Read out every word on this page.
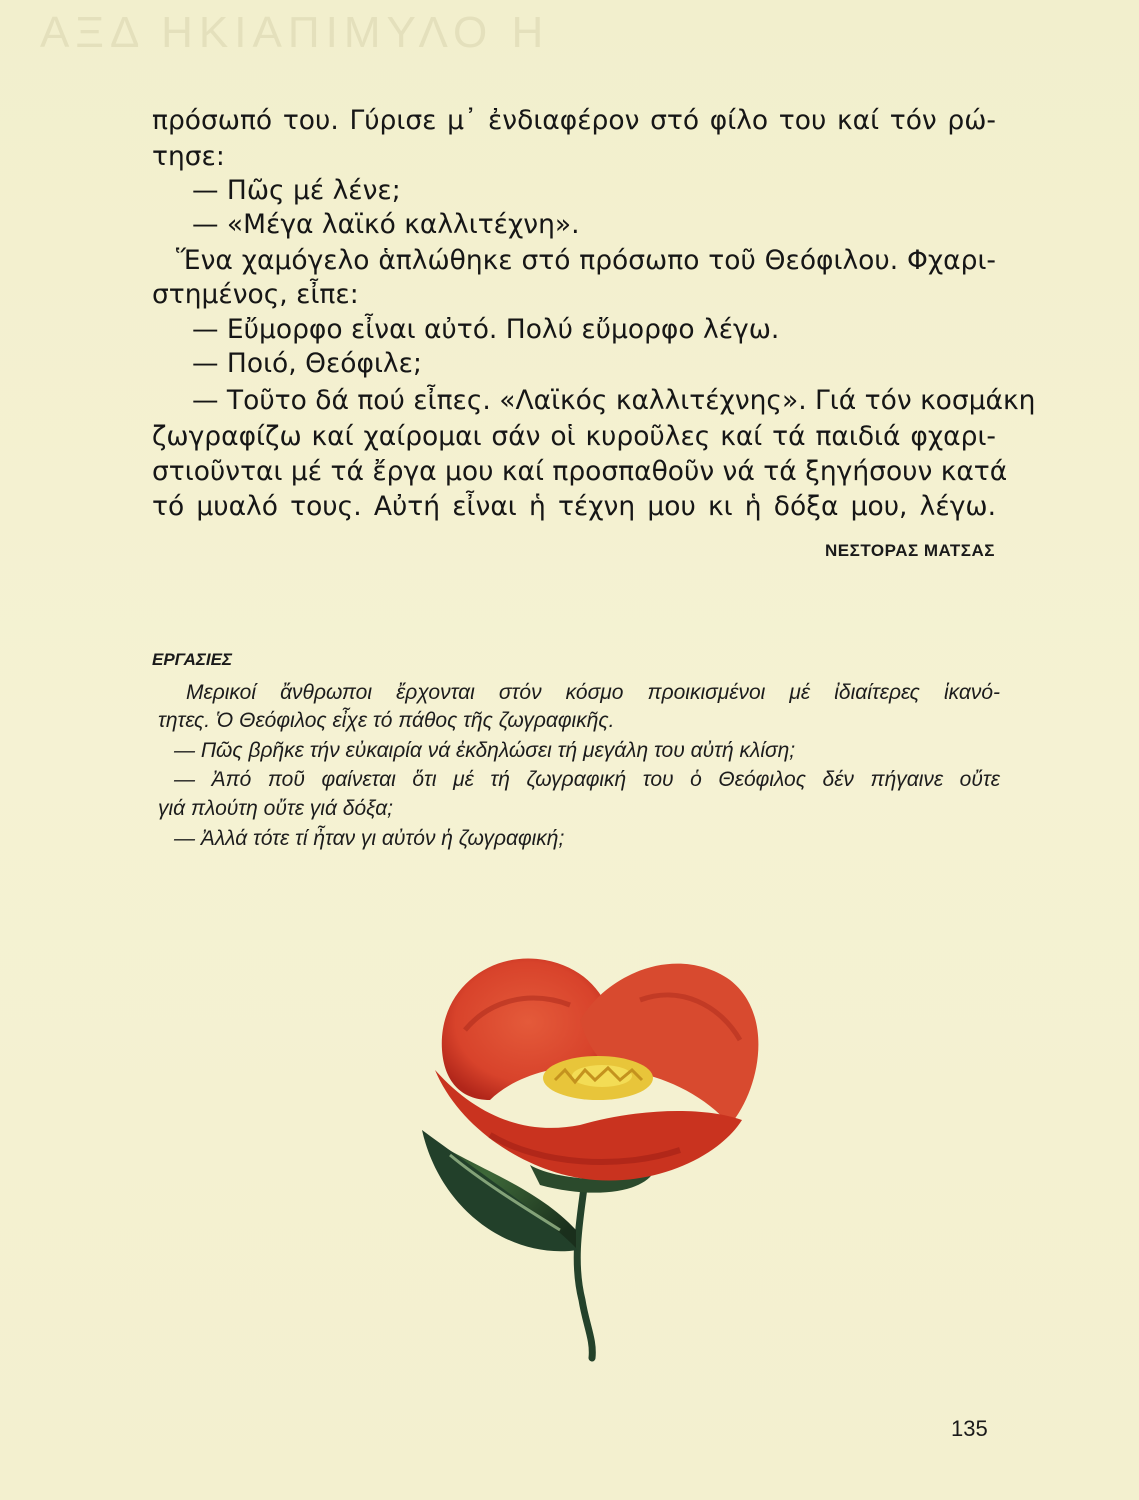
ΑΞΔ ΗΚΙΑΠΙΜΥΛΟ Η
πρόσωπό του. Γύρισε μ᾽ ἐνδιαφέρον στό φίλο του καί τόν ρώ-
τησε:
— Πῶς μέ λένε;
— «Μέγα λαϊκό καλλιτέχνη».
Ἕνα χαμόγελο ἁπλώθηκε στό πρόσωπο τοῦ Θεόφιλου. Φχαρι-
στημένος, εἶπε:
— Εὔμορφο εἶναι αὐτό. Πολύ εὔμορφο λέγω.
— Ποιό, Θεόφιλε;
— Τοῦτο δά πού εἶπες. «Λαϊκός καλλιτέχνης». Γιά τόν κοσμάκη
ζωγραφίζω καί χαίρομαι σάν οἱ κυροῦλες καί τά παιδιά φχαρι-
στιοῦνται μέ τά ἔργα μου καί προσπαθοῦν νά τά ξηγήσουν κατά
τό μυαλό τους. Αὐτή εἶναι ἡ τέχνη μου κι ἡ δόξα μου, λέγω.
ΝΕΣΤΟΡΑΣ ΜΑΤΣΑΣ
ΕΡΓΑΣΙΕΣ
Μερικοί ἄνθρωποι ἔρχονται στόν κόσμο προικισμένοι μέ ἰδιαίτερες ἱκανό-
τητες. Ὁ Θεόφιλος εἶχε τό πάθος τῆς ζωγραφικῆς.
— Πῶς βρῆκε τήν εὐκαιρία νά ἐκδηλώσει τή μεγάλη του αὐτή κλίση;
— Ἀπό ποῦ φαίνεται ὅτι μέ τή ζωγραφική του ὁ Θεόφιλος δέν πήγαινε οὔτε
γιά πλούτη οὔτε γιά δόξα;
— Ἀλλά τότε τί ἦταν γι αὐτόν ἡ ζωγραφική;
135
